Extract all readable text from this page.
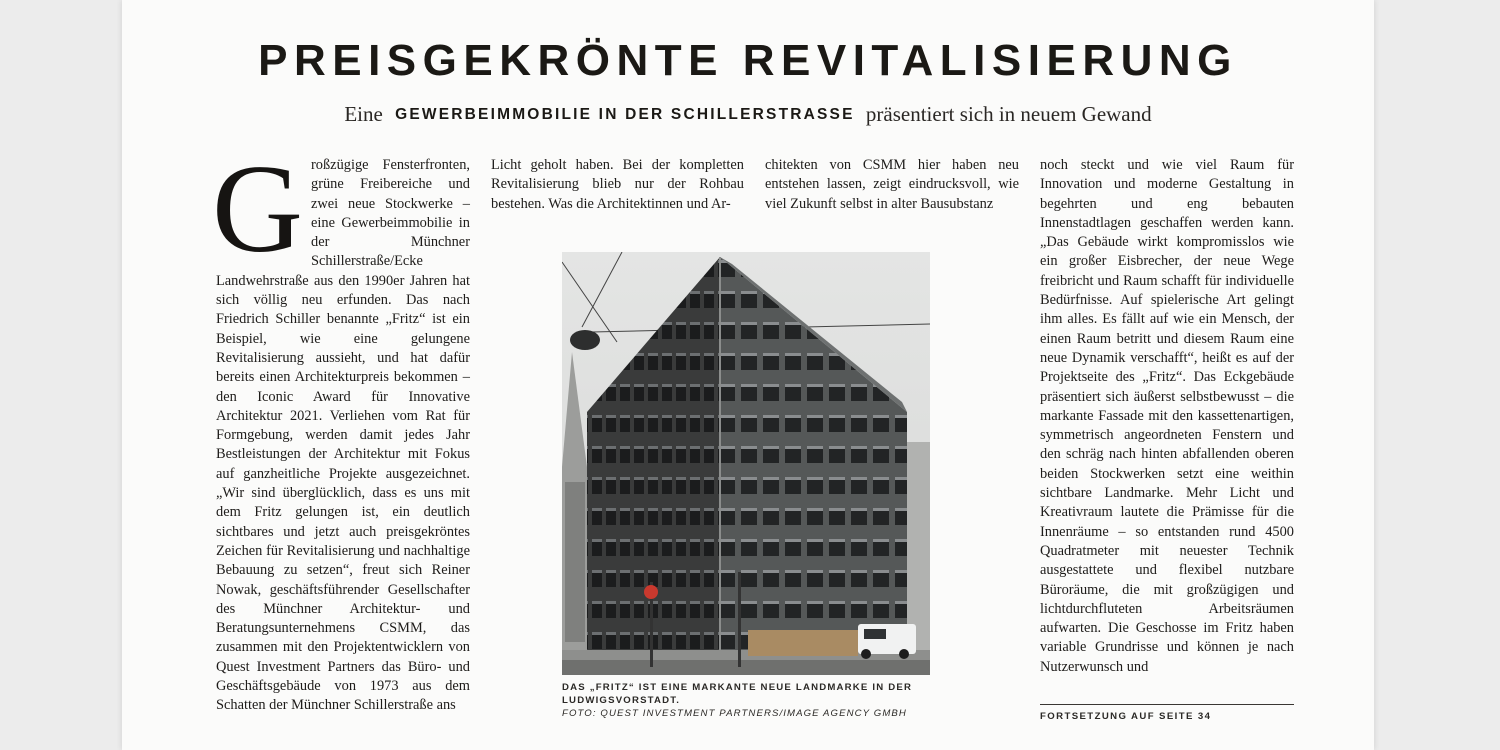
PREISGEKRÖNTE REVITALISIERUNG
Eine GEWERBEIMMOBILIE IN DER SCHILLERSTRASSE präsentiert sich in neuem Gewand
G roßzügige Fensterfronten, grüne Freibereiche und zwei neue Stockwerke – eine Gewerbeimmobilie in der Münchner Schillerstraße/Ecke Landwehrstraße aus den 1990er Jahren hat sich völlig neu erfunden. Das nach Friedrich Schiller benannte „Fritz“ ist ein Beispiel, wie eine gelungene Revitalisierung aussieht, und hat dafür bereits einen Architekturpreis bekommen – den Iconic Award für Innovative Architektur 2021. Verliehen vom Rat für Formgebung, werden damit jedes Jahr Bestleistungen der Architektur mit Fokus auf ganzheitliche Projekte ausgezeichnet. „Wir sind überglücklich, dass es uns mit dem Fritz gelungen ist, ein deutlich sichtbares und jetzt auch preisgekröntes Zeichen für Revitalisierung und nachhaltige Bebauung zu setzen“, freut sich Reiner Nowak, geschäftsführender Gesellschafter des Münchner Architektur- und Beratungsunternehmens CSMM, das zusammen mit den Projektentwicklern von Quest Investment Partners das Büro- und Geschäftsgebäude von 1973 aus dem Schatten der Münchner Schillerstraße ans

Licht geholt haben. Bei der kompletten Revitalisierung blieb nur der Rohbau bestehen. Was die Architektinnen und Ar-

chitekten von CSMM hier haben neu entstehen lassen, zeigt eindrucksvoll, wie viel Zukunft selbst in alter Bausubstanz

noch steckt und wie viel Raum für Innovation und moderne Gestaltung in begehrten und eng bebauten Innenstadtlagen geschaffen werden kann. „Das Gebäude wirkt kompromisslos wie ein großer Eisbrecher, der neue Wege freibricht und Raum schafft für individuelle Bedürfnisse. Auf spielerische Art gelingt ihm alles. Es fällt auf wie ein Mensch, der einen Raum betritt und diesem Raum eine neue Dynamik verschafft“, heißt es auf der Projektseite des „Fritz“. Das Eckgebäude präsentiert sich äußerst selbstbewusst – die markante Fassade mit den kassettenartigen, symmetrisch angeordneten Fenstern und den schräg nach hinten abfallenden oberen beiden Stockwerken setzt eine weithin sichtbare Landmarke. Mehr Licht und Kreativraum lautete die Prämisse für die Innenräume – so entstanden rund 4500 Quadratmeter mit neuester Technik ausgestattete und flexibel nutzbare Büroräume, die mit großzügigen und lichtdurchfluteten Arbeitsräumen aufwarten. Die Geschosse im Fritz haben variable Grundrisse und können je nach Nutzerwunsch und

DAS „FRITZ“ IST EINE MARKANTE NEUE LANDMARKE IN DER LUDWIGSVORSTADT.
FOTO: QUEST INVESTMENT PARTNERS/IMAGE AGENCY GMBH	FORTSETZUNG AUF SEITE 34
